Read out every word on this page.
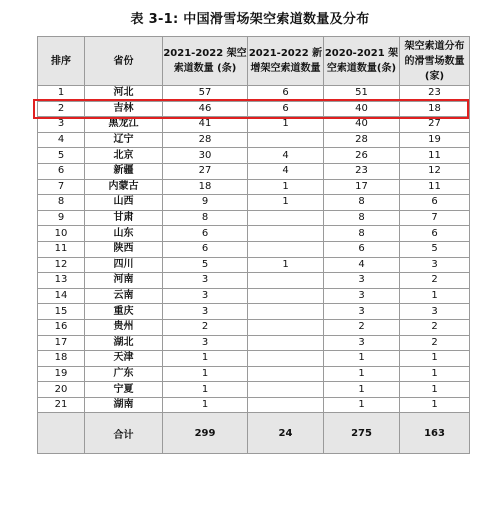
表 3-1: 中国滑雪场架空索道数量及分布
排序	省份	2021-2022 架空索道数量 (条)	2021-2022 新增架空索道数量	2020-2021 架空索道数量(条)	架空索道分布的滑雪场数量(家)
1	河北	57	6	51	23
2	吉林	46	6	40	18
3	黑龙江	41	1	40	27
4	辽宁	28		28	19
5	北京	30	4	26	11
6	新疆	27	4	23	12
7	内蒙古	18	1	17	11
8	山西	9	1	8	6
9	甘肃	8		8	7
10	山东	6		8	6
11	陕西	6		6	5
12	四川	5	1	4	3
13	河南	3		3	2
14	云南	3		3	1
15	重庆	3		3	3
16	贵州	2		2	2
17	湖北	3		3	2
18	天津	1		1	1
19	广东	1		1	1
20	宁夏	1		1	1
21	湖南	1		1	1
	合计	299	24	275	163
